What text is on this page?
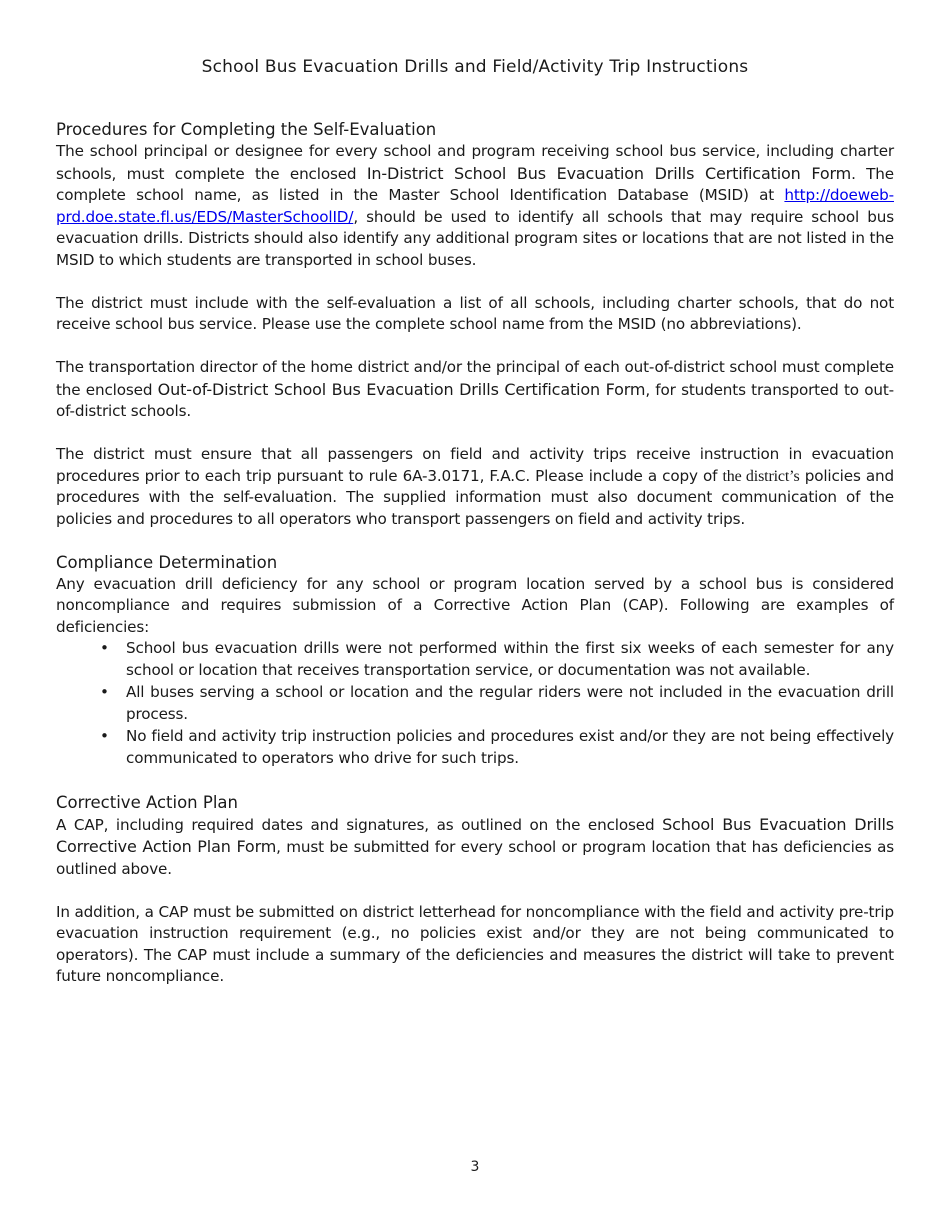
School Bus Evacuation Drills and Field/Activity Trip Instructions
Procedures for Completing the Self-Evaluation

The school principal or designee for every school and program receiving school bus service, including charter schools, must complete the enclosed In-District School Bus Evacuation Drills Certification Form. The complete school name, as listed in the Master School Identification Database (MSID) at http://doeweb-prd.doe.state.fl.us/EDS/MasterSchoolID/, should be used to identify all schools that may require school bus evacuation drills. Districts should also identify any additional program sites or locations that are not listed in the MSID to which students are transported in school buses.

The district must include with the self-evaluation a list of all schools, including charter schools, that do not receive school bus service. Please use the complete school name from the MSID (no abbreviations).

The transportation director of the home district and/or the principal of each out-of-district school must complete the enclosed Out-of-District School Bus Evacuation Drills Certification Form, for students transported to out-of-district schools.

The district must ensure that all passengers on field and activity trips receive instruction in evacuation procedures prior to each trip pursuant to rule 6A-3.0171, F.A.C. Please include a copy of the district’s policies and procedures with the self-evaluation. The supplied information must also document communication of the policies and procedures to all operators who transport passengers on field and activity trips.

Compliance Determination

Any evacuation drill deficiency for any school or program location served by a school bus is considered noncompliance and requires submission of a Corrective Action Plan (CAP). Following are examples of deficiencies:

• School bus evacuation drills were not performed within the first six weeks of each semester for any school or location that receives transportation service, or documentation was not available.
• All buses serving a school or location and the regular riders were not included in the evacuation drill process.
• No field and activity trip instruction policies and procedures exist and/or they are not being effectively communicated to operators who drive for such trips.
Corrective Action Plan

A CAP, including required dates and signatures, as outlined on the enclosed School Bus Evacuation Drills Corrective Action Plan Form, must be submitted for every school or program location that has deficiencies as outlined above.

In addition, a CAP must be submitted on district letterhead for noncompliance with the field and activity pre-trip evacuation instruction requirement (e.g., no policies exist and/or they are not being communicated to operators). The CAP must include a summary of the deficiencies and measures the district will take to prevent future noncompliance.

3
